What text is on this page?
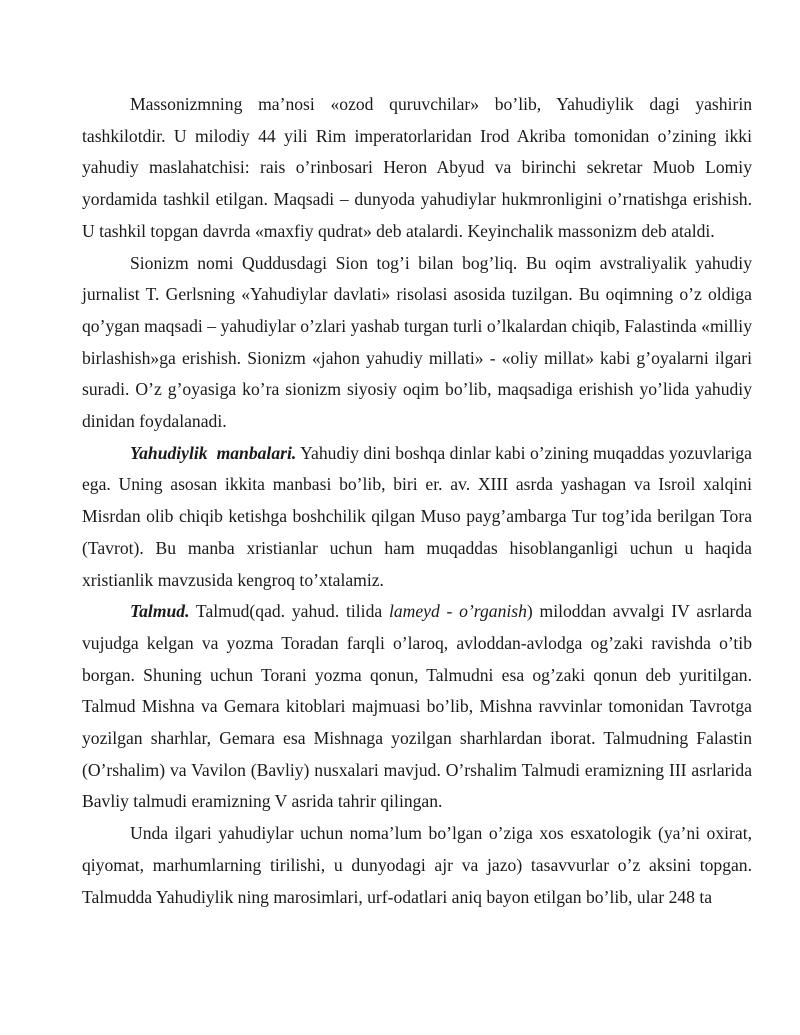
Massonizmning ma’nosi «ozod quruvchilar» bo’lib, Yahudiylik dagi yashirin tashkilotdir. U milodiy 44 yili Rim imperatorlaridan Irod Akriba tomonidan o’zining ikki yahudiy maslahatchisi: rais o’rinbosari Heron Abyud va birinchi sekretar Muob Lomiy yordamida tashkil etilgan. Maqsadi – dunyoda yahudiylar hukmronligini o’rnatishga erishish. U tashkil topgan davrda «maxfiy qudrat» deb atalardi. Keyinchalik massonizm deb ataldi.

Sionizm nomi Quddusdagi Sion tog’i bilan bog’liq. Bu oqim avstraliyalik yahudiy jurnalist T. Gerlsning «Yahudiylar davlati» risolasi asosida tuzilgan. Bu oqimning o’z oldiga qo’ygan maqsadi – yahudiylar o’zlari yashab turgan turli o’lkalardan chiqib, Falastinda «milliy birlashish»ga erishish. Sionizm «jahon yahudiy millati» - «oliy millat» kabi g’oyalarni ilgari suradi. O’z g’oyasiga ko’ra sionizm siyosiy oqim bo’lib, maqsadiga erishish yo’lida yahudiy dinidan foydalanadi.

Yahudiylik  manbalari. Yahudiy dini boshqa dinlar kabi o’zining muqaddas yozuvlariga ega. Uning asosan ikkita manbasi bo’lib, biri er. av. XIII asrda yashagan va Isroil xalqini Misrdan olib chiqib ketishga boshchilik qilgan Muso payg’ambarga Tur tog’ida berilgan Tora (Tavrot). Bu manba xristianlar uchun ham muqaddas hisoblanganligi uchun u haqida xristianlik mavzusida kengroq to’xtalamiz.

Talmud. Talmud(qad. yahud. tilida lameyd - o’rganish) miloddan avvalgi IV asrlarda vujudga kelgan va yozma Toradan farqli o’laroq, avloddan-avlodga og’zaki ravishda o’tib borgan. Shuning uchun Torani yozma qonun, Talmudni esa og’zaki qonun deb yuritilgan. Talmud Mishna va Gemara kitoblari majmuasi bo’lib, Mishna ravvinlar tomonidan Tavrotga yozilgan sharhlar, Gemara esa Mishnaga yozilgan sharhlardan iborat. Talmudning Falastin (O’rshalim) va Vavilon (Bavliy) nusxalari mavjud. O’rshalim Talmudi eramizning III asrlarida Bavliy talmudi eramizning V asrida tahrir qilingan.

Unda ilgari yahudiylar uchun noma’lum bo’lgan o’ziga xos esxatologik (ya’ni oxirat, qiyomat, marhumlarning tirilishi, u dunyodagi ajr va jazo) tasavvurlar o’z aksini topgan. Talmudda Yahudiylik ning marosimlari, urf-odatlari aniq bayon etilgan bo’lib, ular 248 ta
